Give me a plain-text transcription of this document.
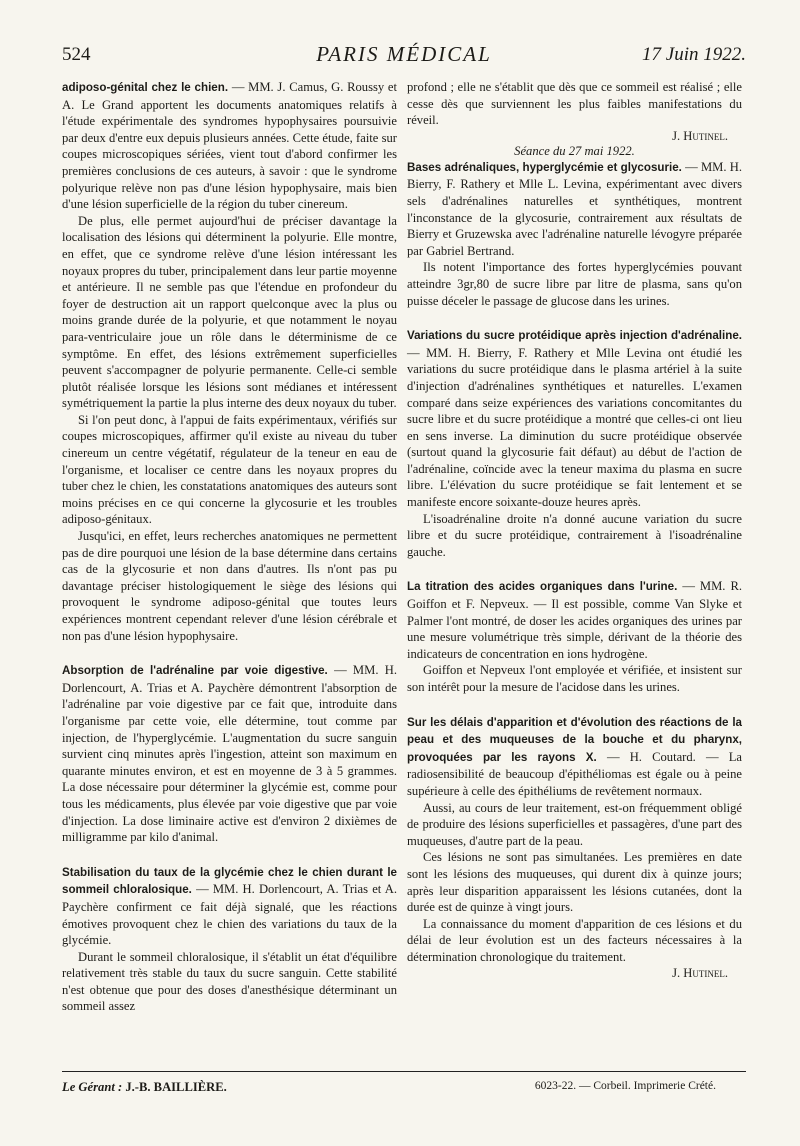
524	PARIS MÉDICAL	17 Juin 1922.

adiposo-génital chez le chien. — MM. J. Camus, G. Roussy et A. Le Grand apportent les documents anatomiques relatifs à l'étude expérimentale des syndromes hypophysaires poursuivie par deux d'entre eux depuis plusieurs années. Cette étude, faite sur coupes microscopiques sériées, vient tout d'abord confirmer les premières conclusions de ces auteurs, à savoir : que le syndrome polyurique relève non pas d'une lésion hypophysaire, mais bien d'une lésion superficielle de la région du tuber cinereum.

De plus, elle permet aujourd'hui de préciser davantage la localisation des lésions qui déterminent la polyurie. Elle montre, en effet, que ce syndrome relève d'une lésion intéressant les noyaux propres du tuber, principalement dans leur partie moyenne et antérieure. Il ne semble pas que l'étendue en profondeur du foyer de destruction ait un rapport quelconque avec la plus ou moins grande durée de la polyurie, et que notamment le noyau para-ventriculaire joue un rôle dans le déterminisme de ce symptôme. En effet, des lésions extrêmement superficielles peuvent s'accompagner de polyurie permanente. Celle-ci semble plutôt réalisée lorsque les lésions sont médianes et intéressent symétriquement la partie la plus interne des deux noyaux du tuber.

Si l'on peut donc, à l'appui de faits expérimentaux, vérifiés sur coupes microscopiques, affirmer qu'il existe au niveau du tuber cinereum un centre végétatif, régulateur de la teneur en eau de l'organisme, et localiser ce centre dans les noyaux propres du tuber chez le chien, les constatations anatomiques des auteurs sont moins précises en ce qui concerne la glycosurie et les troubles adiposo-génitaux.

Jusqu'ici, en effet, leurs recherches anatomiques ne permettent pas de dire pourquoi une lésion de la base détermine dans certains cas de la glycosurie et non dans d'autres. Ils n'ont pas pu davantage préciser histologiquement le siège des lésions qui provoquent le syndrome adiposo-génital que toutes leurs expériences montrent cependant relever d'une lésion cérébrale et non pas d'une lésion hypophysaire.

Absorption de l'adrénaline par voie digestive. — MM. H. Dorlencourt, A. Trias et A. Paychère démontrent l'absorption de l'adrénaline par voie digestive par ce fait que, introduite dans l'organisme par cette voie, elle détermine, tout comme par injection, de l'hyperglycémie. L'augmentation du sucre sanguin survient cinq minutes après l'ingestion, atteint son maximum en quarante minutes environ, et est en moyenne de 3 à 5 grammes. La dose nécessaire pour déterminer la glycémie est, comme pour tous les médicaments, plus élevée par voie digestive que par voie d'injection. La dose liminaire active est d'environ 2 dixièmes de milligramme par kilo d'animal.

Stabilisation du taux de la glycémie chez le chien durant le sommeil chloralosique. — MM. H. Dorlencourt, A. Trias et A. Paychère confirment ce fait déjà signalé, que les réactions émotives provoquent chez le chien des variations du taux de la glycémie.

Durant le sommeil chloralosique, il s'établit un état d'équilibre relativement très stable du taux du sucre sanguin. Cette stabilité n'est obtenue que pour des doses d'anesthésique déterminant un sommeil assez

profond ; elle ne s'établit que dès que ce sommeil est réalisé ; elle cesse dès que surviennent les plus faibles manifestations du réveil.

J. Hutinel.
Séance du 27 mai 1922.

Bases adrénaliques, hyperglycémie et glycosurie. — MM. H. Bierry, F. Rathery et Mlle L. Levina, expérimentant avec divers sels d'adrénalines naturelles et synthétiques, montrent l'inconstance de la glycosurie, contrairement aux résultats de Bierry et Gruzewska avec l'adrénaline naturelle lévogyre préparée par Gabriel Bertrand.

Ils notent l'importance des fortes hyperglycémies pouvant atteindre 3gr,80 de sucre libre par litre de plasma, sans qu'on puisse déceler le passage de glucose dans les urines.

Variations du sucre protéidique après injection d'adrénaline. — MM. H. Bierry, F. Rathery et Mlle Levina ont étudié les variations du sucre protéidique dans le plasma artériel à la suite d'injection d'adrénalines synthétiques et naturelles. L'examen comparé dans seize expériences des variations concomitantes du sucre libre et du sucre protéidique a montré que celles-ci ont lieu en sens inverse. La diminution du sucre protéidique observée (surtout quand la glycosurie fait défaut) au début de l'action de l'adrénaline, coïncide avec la teneur maxima du plasma en sucre libre. L'élévation du sucre protéidique se fait lentement et se manifeste encore soixante-douze heures après.

L'isoadrénaline droite n'a donné aucune variation du sucre libre et du sucre protéidique, contrairement à l'isoadrénaline gauche.

La titration des acides organiques dans l'urine. — MM. R. Goiffon et F. Nepveux. — Il est possible, comme Van Slyke et Palmer l'ont montré, de doser les acides organiques des urines par une mesure volumétrique très simple, dérivant de la théorie des indicateurs de concentration en ions hydrogène.

Goiffon et Nepveux l'ont employée et vérifiée, et insistent sur son intérêt pour la mesure de l'acidose dans les urines.

Sur les délais d'apparition et d'évolution des réactions de la peau et des muqueuses de la bouche et du pharynx, provoquées par les rayons X. — H. Coutard. — La radiosensibilité de beaucoup d'épithéliomas est égale ou à peine supérieure à celle des épithéliums de revêtement normaux.

Aussi, au cours de leur traitement, est-on fréquemment obligé de produire des lésions superficielles et passagères, d'une part des muqueuses, d'autre part de la peau.

Ces lésions ne sont pas simultanées. Les premières en date sont les lésions des muqueuses, qui durent dix à quinze jours; après leur disparition apparaissent les lésions cutanées, dont la durée est de quinze à vingt jours.

La connaissance du moment d'apparition de ces lésions et du délai de leur évolution est un des facteurs nécessaires à la détermination chronologique du traitement.

J. Hutinel.
Le Gérant : J.-B. BAILLIÈRE.	6023-22. — Corbeil. Imprimerie Crété.
